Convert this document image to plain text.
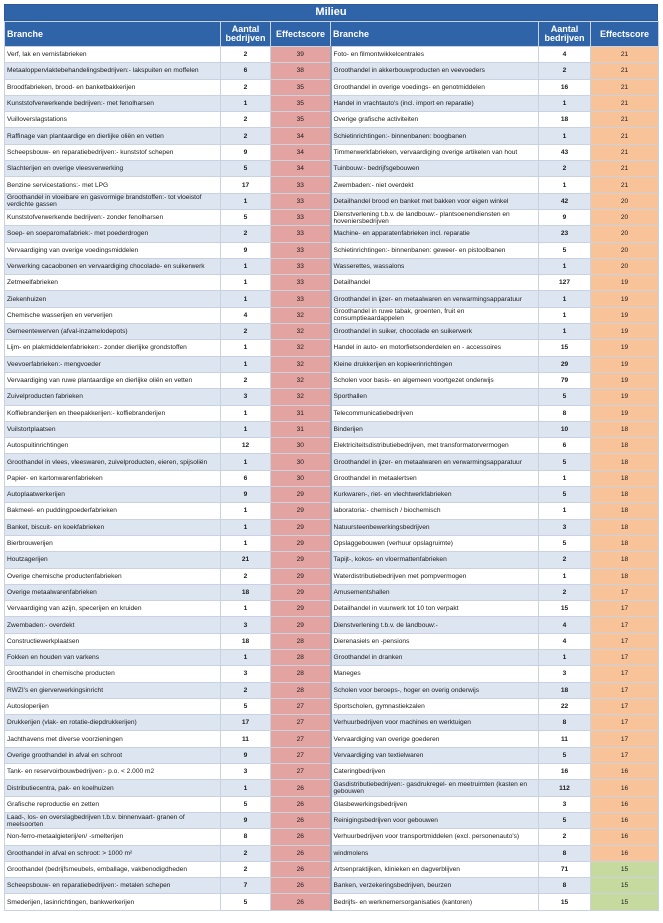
Milieu
Branche	Aantal bedrijven	Effectscore	Branche	Aantal bedrijven	Effectscore
Verf, lak en vernisfabrieken	2	39	Foto- en filmontwikkelcentrales	4	21
Metaaloppervlaktebehandelingsbedrijven:- lakspuiten en moffelen	6	38	Groothandel in akkerbouwproducten en veevoeders	2	21
Broodfabrieken, brood- en banketbakkerijen	2	35	Groothandel in overige voedings- en genotmiddelen	16	21
Kunststofverwerkende bedrijven:- met fenolharsen	1	35	Handel in vrachtauto's (incl. import en reparatie)	1	21
Vuilloverslagstations	2	35	Overige grafische activiteiten	18	21
Raffinage van plantaardige en dierlijke oliën en vetten	2	34	Schietinrichtingen:- binnenbanen: boogbanen	1	21
Scheepsbouw- en reparatiebedrijven:- kunststof schepen	9	34	Timmerwerkfabrieken, vervaardiging overige artikelen van hout	43	21
Slachterijen en overige vleesverwerking	5	34	Tuinbouw:- bedrijfsgebouwen	2	21
Benzine servicestations:- met LPG	17	33	Zwembaden:- niet overdekt	1	21
Groothandel in vloeibare en gasvormige brandstoffen:- tot vloeistof verdichte gassen	1	33	Detailhandel brood en banket met bakken voor eigen winkel	42	20
Kunststofverwerkende bedrijven:- zonder fenolharsen	5	33	Dienstverlening t.b.v. de landbouw:- plantsoenendiensten en hoveniersbedrijven	9	20
Soep- en soeparomafabriek:- met poederdrogen	2	33	Machine- en apparatenfabrieken incl. reparatie	23	20
Vervaardiging van overige voedingsmiddelen	9	33	Schietinrichtingen:- binnenbanen: geweer- en pistoolbanen	5	20
Verwerking cacaobonen en vervaardiging chocolade- en suikerwerk	1	33	Wasserettes, wassalons	1	20
Zetmeelfabrieken	1	33	Detailhandel	127	19
Ziekenhuizen	1	33	Groothandel in ijzer- en metaalwaren en verwarmingsapparatuur	1	19
Chemische wasserijen en ververijen	4	32	Groothandel in ruwe tabak, groenten, fruit en consumptieaardappelen	1	19
Gemeentewerven (afval-inzamelodepots)	2	32	Groothandel in suiker, chocolade en suikerwerk	1	19
Lijm- en plakmiddelenfabrieken:- zonder dierlijke grondstoffen	1	32	Handel in auto- en motorfietsonderdelen en - accessoires	15	19
Veevoerfabrieken:- mengvoeder	1	32	Kleine drukkerijen en kopieerinrichtingen	29	19
Vervaardiging van ruwe plantaardige en dierlijke oliën en vetten	2	32	Scholen voor basis- en algemeen voortgezet onderwijs	79	19
Zuivelproducten fabrieken	3	32	Sporthallen	5	19
Koffiebranderijen en theepakkerijen:- koffiebranderijen	1	31	Telecommunicatiebedrijven	8	19
Vuilstortplaatsen	1	31	Binderijen	10	18
Autospuitinrichtingen	12	30	Elektriciteitsdistributiebedrijven, met transformatorvermogen	6	18
Groothandel in vlees, vleeswaren, zuivelproducten, eieren, spijsoliën	1	30	Groothandel in ijzer- en metaalwaren en verwarmingsapparatuur	5	18
Papier- en kartonwarenfabrieken	6	30	Groothandel in metaalertsen	1	18
Autoplaatwerkerijen	9	29	Kurkwaren-, riet- en vlechtwerkfabrieken	5	18
Bakmeel- en puddingpoederfabrieken	1	29	laboratoria:- chemisch / biochemisch	1	18
Banket, biscuit- en koekfabrieken	1	29	Natuursteenbewerkingsbedrijven	3	18
Bierbrouwerijen	1	29	Opslaggebouwen (verhuur opslagruimte)	5	18
Houtzagerijen	21	29	Tapijt-, kokos- en vloermattenfabrieken	2	18
Overige chemische productenfabrieken	2	29	Waterdistributiebedrijven met pompvermogen	1	18
Overige metaalwarenfabrieken	18	29	Amusementshallen	2	17
Vervaardiging van azijn, specerijen en kruiden	1	29	Detailhandel in vuurwerk tot 10 ton verpakt	15	17
Zwembaden:- overdekt	3	29	Dienstverlening t.b.v. de landbouw:-	4	17
Constructiewerkplaatsen	18	28	Dierenasiels en -pensions	4	17
Fokken en houden van varkens	1	28	Groothandel in dranken	1	17
Groothandel in chemische producten	3	28	Maneges	3	17
RWZI's en gierverwerkingsinricht	2	28	Scholen voor beroeps-, hoger en overig onderwijs	18	17
Autosloperijen	5	27	Sportscholen, gymnastiekzalen	22	17
Drukkerijen (vlak- en rotatie-diepdrukkerijen)	17	27	Verhuurbedrijven voor machines en werktuigen	8	17
Jachthavens met diverse voorzieningen	11	27	Vervaardiging van overige goederen	11	17
Overige groothandel in afval en schroot	9	27	Vervaardiging van textielwaren	5	17
Tank- en reservoirbouwbedrijven:- p.o. < 2.000 m2	3	27	Cateringbedrijven	16	16
Distributiecentra, pak- en koelhuizen	1	26	Gasdistributiebedrijven:- gasdrukregel- en meetruimten (kasten en gebouwen	112	16
Grafische reproductie en zetten	5	26	Glasbewerkingsbedrijven	3	16
Laad-, los- en overslagbedrijven t.b.v. binnenvaart- granen of meelsoorten	9	26	Reinigingsbedrijven voor gebouwen	5	16
Non-ferro-metaalgieterij/en/ -smelterijen	8	26	Verhuurbedrijven voor transportmiddelen (excl. personenauto's)	2	16
Groothandel in afval en schroot: > 1000 m²	2	26	windmolens	8	16
Groothandel (bedrijfsmeubels, emballage, vakbenodigdheden	2	26	Artsenpraktijken, klinieken en dagverblijven	71	15
Scheepsbouw- en reparatiebedrijven:- metalen schepen	7	26	Banken, verzekeringsbedrijven, beurzen	8	15
Smederijen, lasinrichtingen, bankwerkerijen	5	26	Bedrijfs- en werknemersorganisaties (kantoren)	15	15
